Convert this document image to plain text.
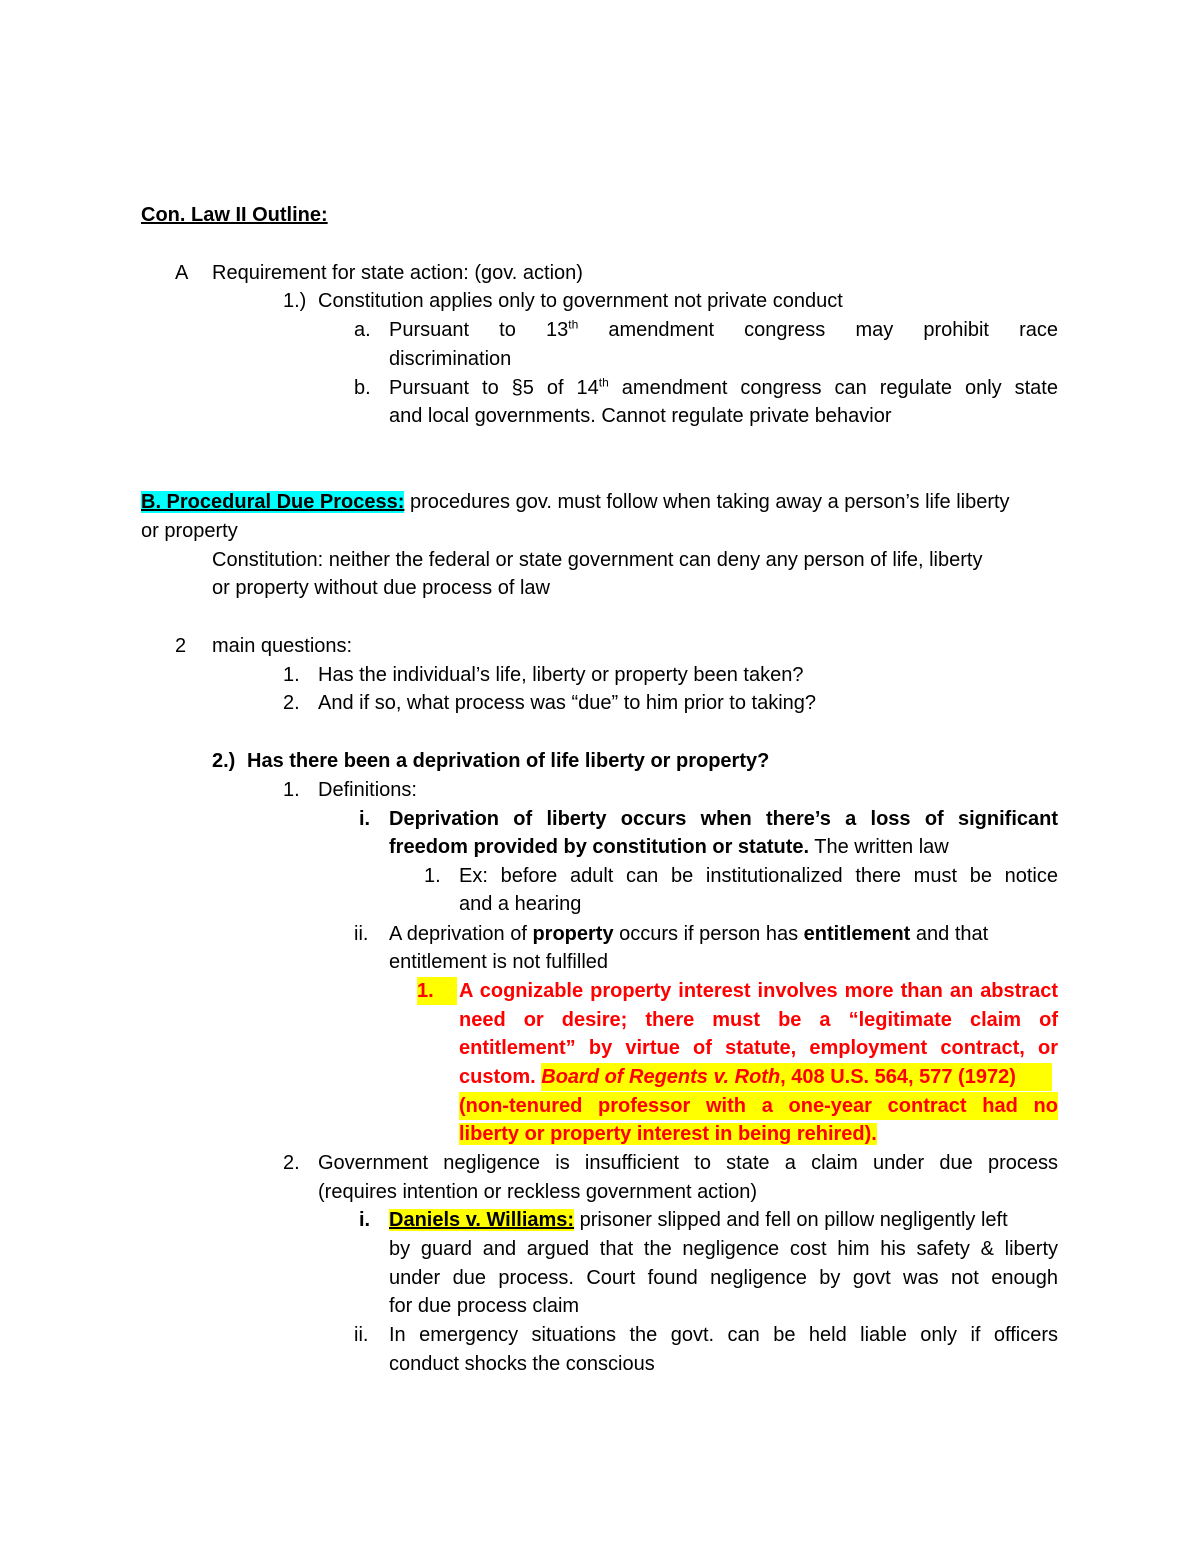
Con. Law II Outline:
A Requirement for state action: (gov. action)
1.) Constitution applies only to government not private conduct
a. Pursuant to 13th amendment congress may prohibit race
discrimination
b. Pursuant to §5 of 14th amendment congress can regulate only state
and local governments. Cannot regulate private behavior
B. Procedural Due Process: procedures gov. must follow when taking away a person’s life liberty
or property
Constitution: neither the federal or state government can deny any person of life, liberty
or property without due process of law
2 main questions:
1. Has the individual’s life, liberty or property been taken?
2. And if so, what process was “due” to him prior to taking?
2.) Has there been a deprivation of life liberty or property?
1. Definitions:
i. Deprivation of liberty occurs when there’s a loss of significant
freedom provided by constitution or statute. The written law
1. Ex: before adult can be institutionalized there must be notice
and a hearing
ii. A deprivation of property occurs if person has entitlement and that
entitlement is not fulfilled
1.	A cognizable property interest involves more than an abstract
need or desire; there must be a “legitimate claim of
entitlement” by virtue of statute, employment contract, or
custom. Board of Regents v. Roth, 408 U.S. 564, 577 (1972)
(non-tenured professor with a one-year contract had no
liberty or property interest in being rehired).
2. Government negligence is insufficient to state a claim under due process
(requires intention or reckless government action)
i. Daniels v. Williams: prisoner slipped and fell on pillow negligently left
by guard and argued that the negligence cost him his safety & liberty
under due process. Court found negligence by govt was not enough
for due process claim
ii. In emergency situations the govt. can be held liable only if officers
conduct shocks the conscious
